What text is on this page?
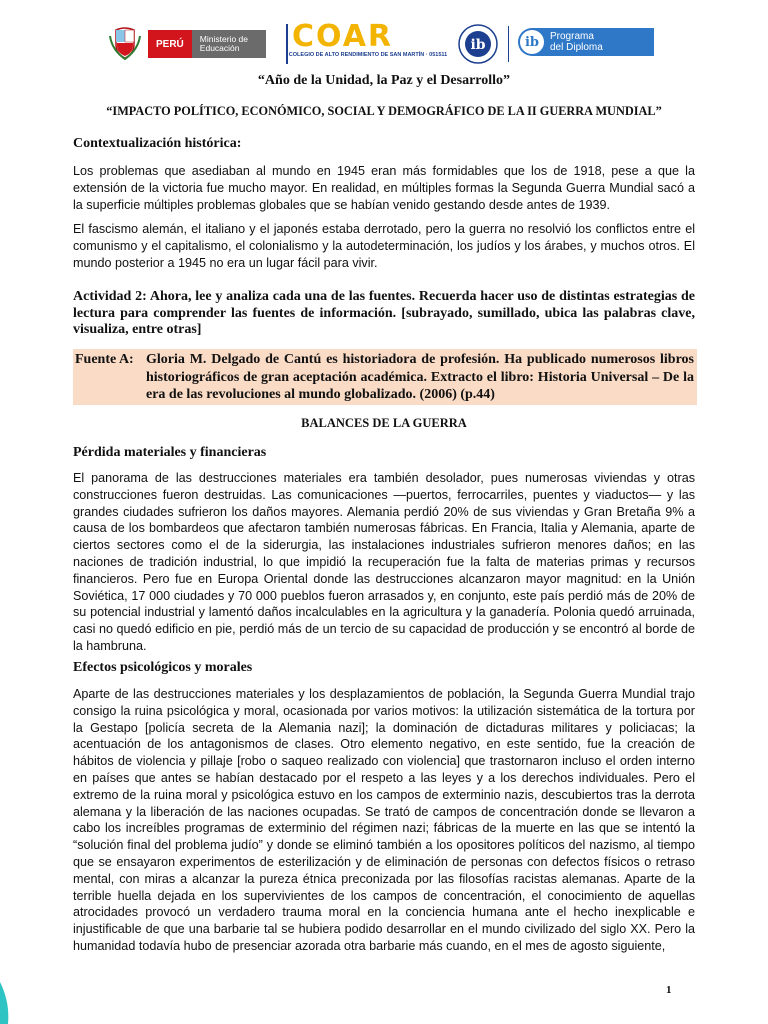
PERÚ	Ministerio de Educación	COAR
COLEGIO DE ALTO RENDIMIENTO DE SAN MARTÍN · 051511
ib	ib	Programa
del Diploma
“Año de la Unidad, la Paz y el Desarrollo”
“IMPACTO POLÍTICO, ECONÓMICO, SOCIAL Y DEMOGRÁFICO DE LA II GUERRA MUNDIAL”
Contextualización histórica:

Los problemas que asediaban al mundo en 1945 eran más formidables que los de 1918, pese a que la extensión de la victoria fue mucho mayor. En realidad, en múltiples formas la Segunda Guerra Mundial sacó a la superficie múltiples problemas globales que se habían venido gestando desde antes de 1939.

El fascismo alemán, el italiano y el japonés estaba derrotado, pero la guerra no resolvió los conflictos entre el comunismo y el capitalismo, el colonialismo y la autodeterminación, los judíos y los árabes, y muchos otros. El mundo posterior a 1945 no era un lugar fácil para vivir.

Actividad 2: Ahora, lee y analiza cada una de las fuentes. Recuerda hacer uso de distintas estrategias de lectura para comprender las fuentes de información. [subrayado, sumillado, ubica las palabras clave, visualiza, entre otras]

Fuente A: Gloria M. Delgado de Cantú es historiadora de profesión. Ha publicado numerosos libros historiográficos de gran aceptación académica. Extracto el libro: Historia Universal – De la era de las revoluciones al mundo globalizado. (2006) (p.44)
BALANCES DE LA GUERRA
Pérdida materiales y financieras

El panorama de las destrucciones materiales era también desolador, pues numerosas viviendas y otras construcciones fueron destruidas. Las comunicaciones —puertos, ferrocarriles, puentes y viaductos— y las grandes ciudades sufrieron los daños mayores. Alemania perdió 20% de sus viviendas y Gran Bretaña 9% a causa de los bombardeos que afectaron también numerosas fábricas. En Francia, Italia y Alemania, aparte de ciertos sectores como el de la siderurgia, las instalaciones industriales sufrieron menores daños; en las naciones de tradición industrial, lo que impidió la recuperación fue la falta de materias primas y recursos financieros. Pero fue en Europa Oriental donde las destrucciones alcanzaron mayor magnitud: en la Unión Soviética, 17 000 ciudades y 70 000 pueblos fueron arrasados y, en conjunto, este país perdió más de 20% de su potencial industrial y lamentó daños incalculables en la agricultura y la ganadería. Polonia quedó arruinada, casi no quedó edificio en pie, perdió más de un tercio de su capacidad de producción y se encontró al borde de la hambruna.

Efectos psicológicos y morales

Aparte de las destrucciones materiales y los desplazamientos de población, la Segunda Guerra Mundial trajo consigo la ruina psicológica y moral, ocasionada por varios motivos: la utilización sistemática de la tortura por la Gestapo [policía secreta de la Alemania nazi]; la dominación de dictaduras militares y policiacas; la acentuación de los antagonismos de clases. Otro elemento negativo, en este sentido, fue la creación de hábitos de violencia y pillaje [robo o saqueo realizado con violencia] que trastornaron incluso el orden interno en países que antes se habían destacado por el respeto a las leyes y a los derechos individuales. Pero el extremo de la ruina moral y psicológica estuvo en los campos de exterminio nazis, descubiertos tras la derrota alemana y la liberación de las naciones ocupadas. Se trató de campos de concentración donde se llevaron a cabo los increíbles programas de exterminio del régimen nazi; fábricas de la muerte en las que se intentó la “solución final del problema judío” y donde se eliminó también a los opositores políticos del nazismo, al tiempo que se ensayaron experimentos de esterilización y de eliminación de personas con defectos físicos o retraso mental, con miras a alcanzar la pureza étnica preconizada por las filosofías racistas alemanas. Aparte de la terrible huella dejada en los supervivientes de los campos de concentración, el conocimiento de aquellas atrocidades provocó un verdadero trauma moral en la conciencia humana ante el hecho inexplicable e injustificable de que una barbarie tal se hubiera podido desarrollar en el mundo civilizado del siglo XX. Pero la humanidad todavía hubo de presenciar azorada otra barbarie más cuando, en el mes de agosto siguiente,

1
